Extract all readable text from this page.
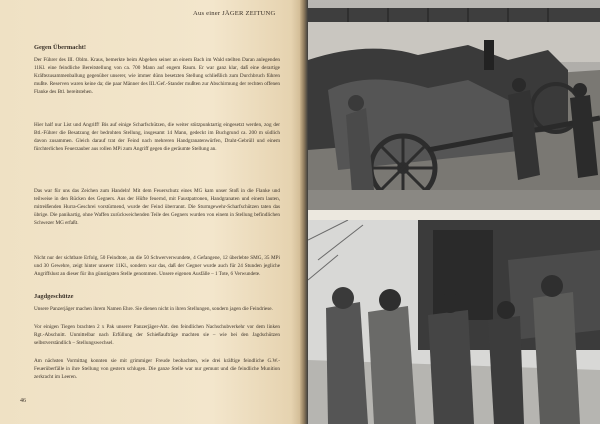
Aus einer JÄGER ZEITUNG
Gegen Übermacht!

Der Führer des III. Oblm. Kraus, bemerkte beim Abgehen seiner an einem Bach im Wald stellten Daran anlegenden 11Kl. eine feindliche Bereitstellung von ca. 700 Mann auf engem Raum. Er war ganz klar, daß eine derartige Kräftezusammenballung gegenüber unserer, wie immer dünn besetzten Stellung schließlich zum Durchbruch führen mußte. Reserven waren keine da; die paar Männer des III./Gef.-Stander mußten zur Abschirmung der rechten offenen Flanke des Btl. bereitstehen.

Hier half nur List und Angriff! Bis auf einige Scharfschützen, die weiter stützpunktartig eingesetzt werden, zog der Btl.-Führer die Besatzung der bedrohten Stellung, insgesamt 14 Mann, gedeckt im Buchgrund ca. 200 m südlich davon zusammen. Gleich darauf trat der Feind nach mehreren Handgranatenwürfen, Draht-Gebrüll und einem fürchterlichen Feuerzauber aus rollen MPi zum Angriff gegen die geräumte Stellung an.

Das war für uns das Zeichen zum Handeln! Mit dem Feuerschutz eines MG kam unser Stoß in die Flanke und teilweise in den Rücken des Gegners. Aus der Hüfte feuernd, mit Faustpatronen, Handgranaten und einem lauten, mitreißenden Hurra-Geschrei vorstürmend, wurde der Feind überrannt. Die Sturmgewehr-Scharfschützen taten das übrige. Die panikartig, ohne Waffen zurückweichenden Teile des Gegners wurden von einem in Stellung befindlichen Schwezer MG erfaßt.

Nicht nur der sichtbare Erfolg, 50 Feindtote, an die 50 Schwerverwundete, 4 Gefangene, 12 überlebte SMG, 35 MPi und 30 Gewehre, zeigt hinter unserer 11Kl., sondern war das, daß der Gegner wurde auch für 24 Stunden jegliche Angriffslust an dieser für ihn günstigsten Stelle genommen. Unsere eigenen Ausfälle – 1 Tote, 6 Verwundete.

Jagdgeschütze

Unsere Panzerjäger machen ihrem Namen Ehre. Sie dienen nicht in ihren Stellungen, sondern jagen die Feindriese.

Vor einigen Tiegen brachten 2 x Pak unserer Panzerjäger-Abt. den feindlichen Nachschubverkehr vor dem linken Rgt.-Abschnitt. Unmittelbar nach Erfüllung der Schießaufträge machten sie – wie bei den Jagdschützen selbstverständlich – Stellungswechsel.

Am nächsten Vormittag konnten sie mit grimmiger Freude beobachten, wie drei kräftige feindliche G.W.-Feuerüberfälle in ihre Stellung von gestern schlugen. Die ganze Stelle war nur gemunt und die feindliche Munition zerkracht im Leeren.

46
